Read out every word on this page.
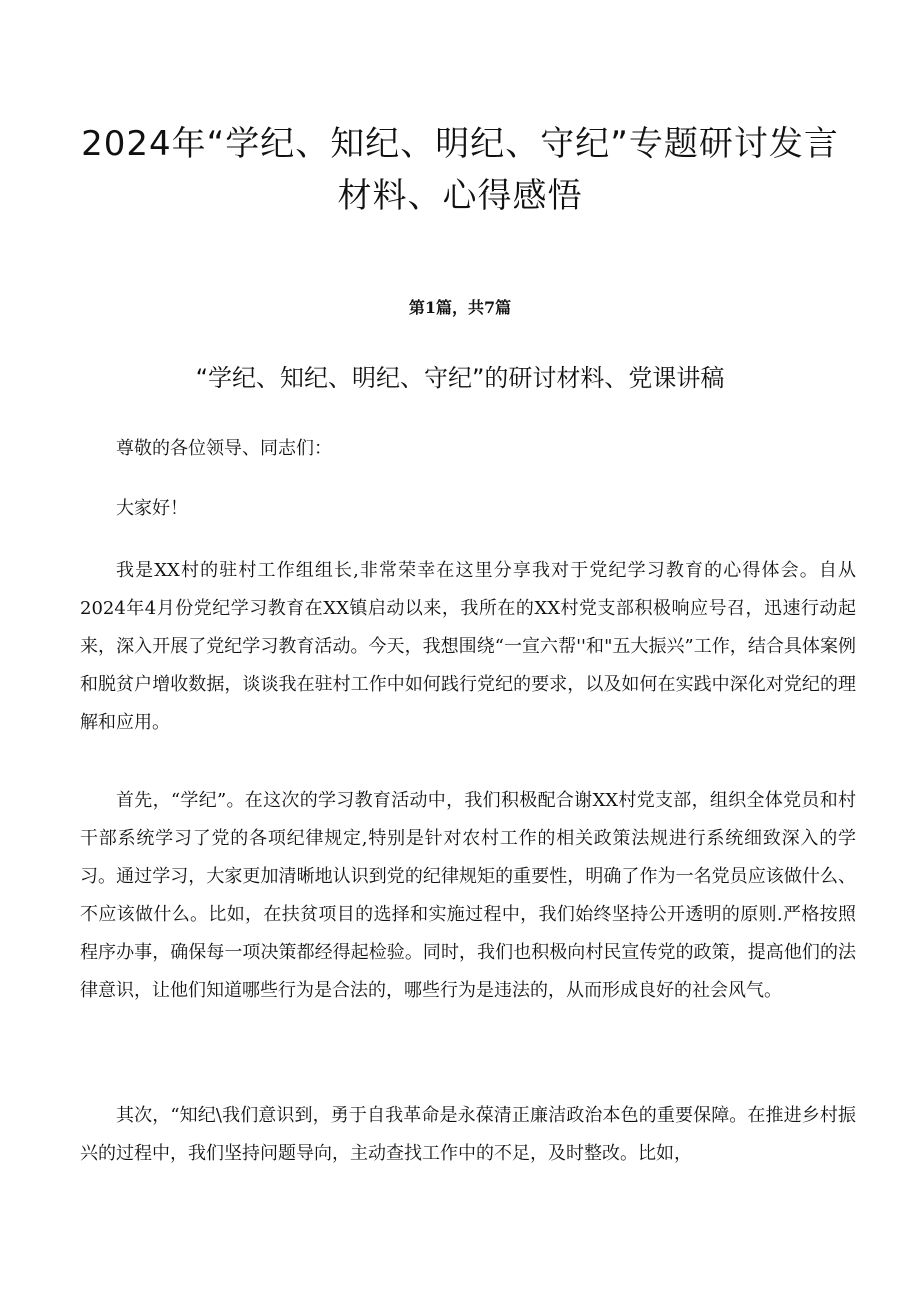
2024年“学纪、知纪、明纪、守纪”专题研讨发言
材料、心得感悟
第1篇，共7篇
“学纪、知纪、明纪、守纪”的研讨材料、党课讲稿

尊敬的各位领导、同志们：

大家好！

我是XX村的驻村工作组组长,非常荣幸在这里分享我对于党纪学习教育的心得体会。自从2024年4月份党纪学习教育在XX镇启动以来，我所在的XX村党支部积极响应号召，迅速行动起来，深入开展了党纪学习教育活动。今天，我想围绕“一宣六帮''和"五大振兴”工作，结合具体案例和脱贫户增收数据，谈谈我在驻村工作中如何践行党纪的要求，以及如何在实践中深化对党纪的理解和应用。

首先，“学纪”。在这次的学习教育活动中，我们积极配合谢XX村党支部，组织全体党员和村干部系统学习了党的各项纪律规定,特别是针对农村工作的相关政策法规进行系统细致深入的学习。通过学习，大家更加清晰地认识到党的纪律规矩的重要性，明确了作为一名党员应该做什么、不应该做什么。比如，在扶贫项目的选择和实施过程中，我们始终坚持公开透明的原则.严格按照程序办事，确保每一项决策都经得起检验。同时，我们也积极向村民宣传党的政策，提高他们的法律意识，让他们知道哪些行为是合法的，哪些行为是违法的，从而形成良好的社会风气。

其次，“知纪\我们意识到，勇于自我革命是永葆清正廉洁政治本色的重要保障。在推进乡村振兴的过程中，我们坚持问题导向，主动查找工作中的不足，及时整改。比如，
